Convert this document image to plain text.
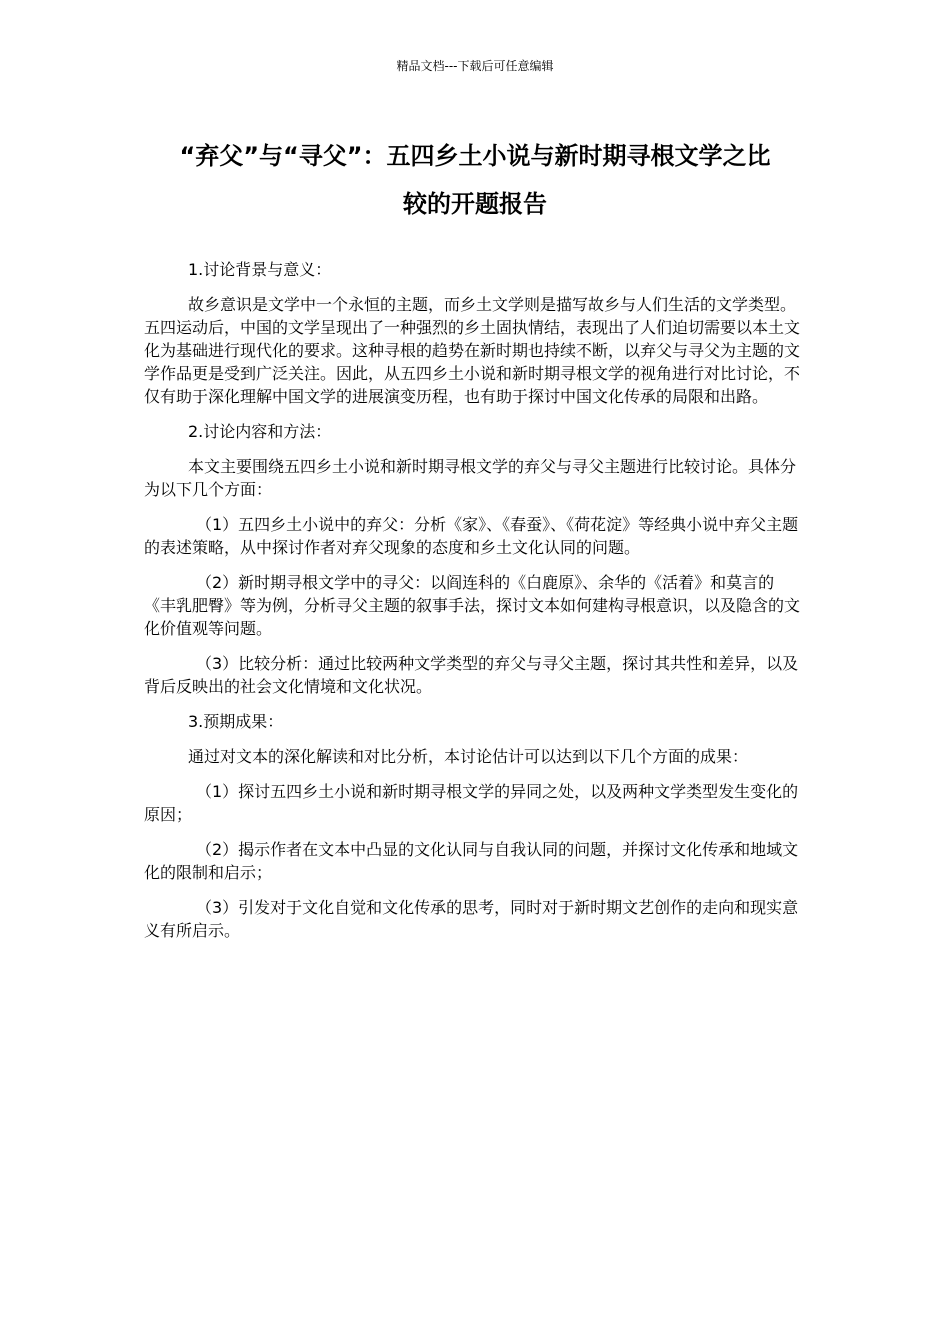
精品文档---下载后可任意编辑
“弃父”与“寻父”：五四乡土小说与新时期寻根文学之比
较的开题报告

1.讨论背景与意义：

故乡意识是文学中一个永恒的主题，而乡土文学则是描写故乡与人们生活的文学类型。五四运动后，中国的文学呈现出了一种强烈的乡土固执情结，表现出了人们迫切需要以本土文化为基础进行现代化的要求。这种寻根的趋势在新时期也持续不断，以弃父与寻父为主题的文学作品更是受到广泛关注。因此，从五四乡土小说和新时期寻根文学的视角进行对比讨论，不仅有助于深化理解中国文学的进展演变历程，也有助于探讨中国文化传承的局限和出路。

2.讨论内容和方法：

本文主要围绕五四乡土小说和新时期寻根文学的弃父与寻父主题进行比较讨论。具体分为以下几个方面：

（1）五四乡土小说中的弃父：分析《家》、《春蚕》、《荷花淀》等经典小说中弃父主题的表述策略，从中探讨作者对弃父现象的态度和乡土文化认同的问题。

（2）新时期寻根文学中的寻父：以阎连科的《白鹿原》、余华的《活着》和莫言的《丰乳肥臀》等为例，分析寻父主题的叙事手法，探讨文本如何建构寻根意识，以及隐含的文化价值观等问题。

（3）比较分析：通过比较两种文学类型的弃父与寻父主题，探讨其共性和差异，以及背后反映出的社会文化情境和文化状况。

3.预期成果：

通过对文本的深化解读和对比分析，本讨论估计可以达到以下几个方面的成果：

（1）探讨五四乡土小说和新时期寻根文学的异同之处，以及两种文学类型发生变化的原因；

（2）揭示作者在文本中凸显的文化认同与自我认同的问题，并探讨文化传承和地域文化的限制和启示；

（3）引发对于文化自觉和文化传承的思考，同时对于新时期文艺创作的走向和现实意义有所启示。
